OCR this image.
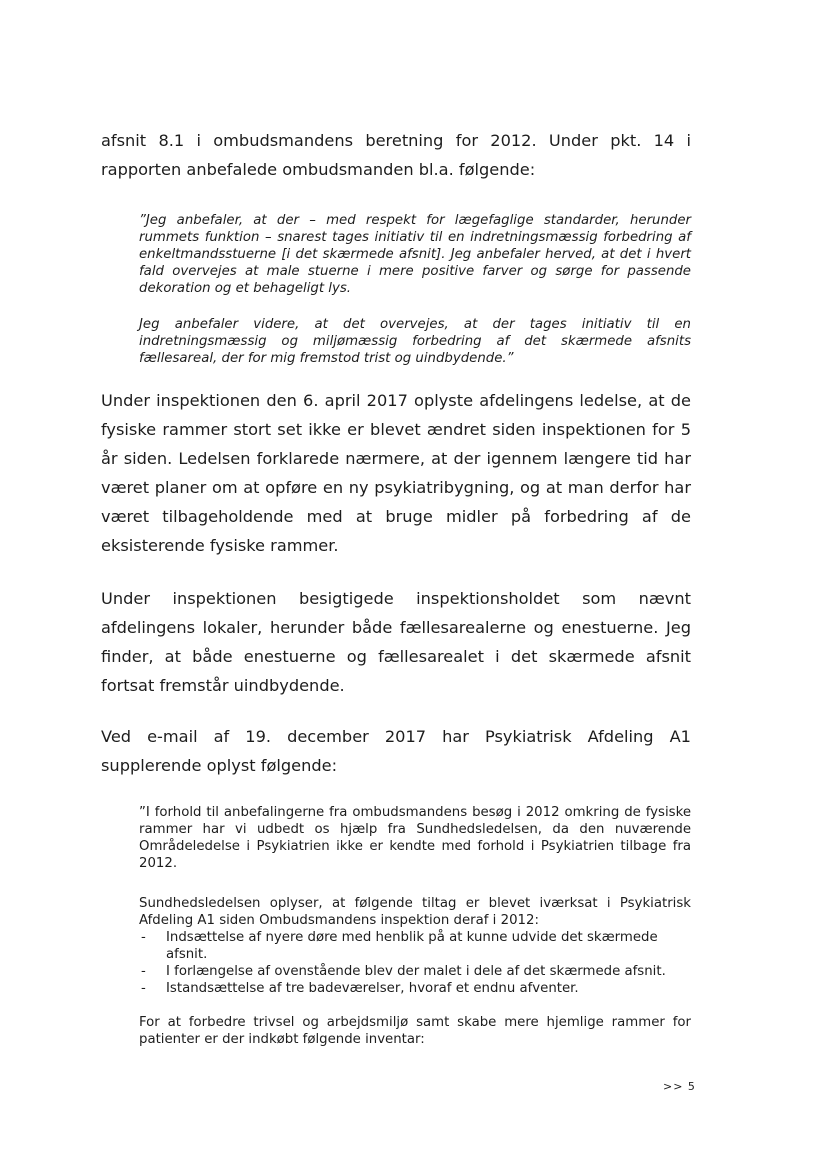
afsnit 8.1 i ombudsmandens beretning for 2012. Under pkt. 14 i rapporten anbefalede ombudsmanden bl.a. følgende:

”Jeg anbefaler, at der – med respekt for lægefaglige standarder, herunder rummets funktion – snarest tages initiativ til en indretningsmæssig forbedring af enkeltmandsstuerne [i det skærmede afsnit]. Jeg anbefaler herved, at det i hvert fald overvejes at male stuerne i mere positive farver og sørge for passende dekoration og et behageligt lys.

Jeg anbefaler videre, at det overvejes, at der tages initiativ til en indretningsmæssig og miljømæssig forbedring af det skærmede afsnits fællesareal, der for mig fremstod trist og uindbydende.”

Under inspektionen den 6. april 2017 oplyste afdelingens ledelse, at de fysiske rammer stort set ikke er blevet ændret siden inspektionen for 5 år siden. Ledelsen forklarede nærmere, at der igennem længere tid har været planer om at opføre en ny psykiatribygning, og at man derfor har været tilbageholdende med at bruge midler på forbedring af de eksisterende fysiske rammer.

Under inspektionen besigtigede inspektionsholdet som nævnt afdelingens lokaler, herunder både fællesarealerne og enestuerne. Jeg finder, at både enestuerne og fællesarealet i det skærmede afsnit fortsat fremstår uindbydende.

Ved e-mail af 19. december 2017 har Psykiatrisk Afdeling A1 supplerende oplyst følgende:

”I forhold til anbefalingerne fra ombudsmandens besøg i 2012 omkring de fysiske rammer har vi udbedt os hjælp fra Sundhedsledelsen, da den nuværende Områdeledelse i Psykiatrien ikke er kendte med forhold i Psykiatrien tilbage fra 2012.

Sundhedsledelsen oplyser, at følgende tiltag er blevet iværksat i Psykiatrisk Afdeling A1 siden Ombudsmandens inspektion deraf i 2012:

- Indsættelse af nyere døre med henblik på at kunne udvide det skærmede afsnit.
- I forlængelse af ovenstående blev der malet i dele af det skærmede afsnit.
- Istandsættelse af tre badeværelser, hvoraf et endnu afventer.

For at forbedre trivsel og arbejdsmiljø samt skabe mere hjemlige rammer for patienter er der indkøbt følgende inventar:

>> 5
